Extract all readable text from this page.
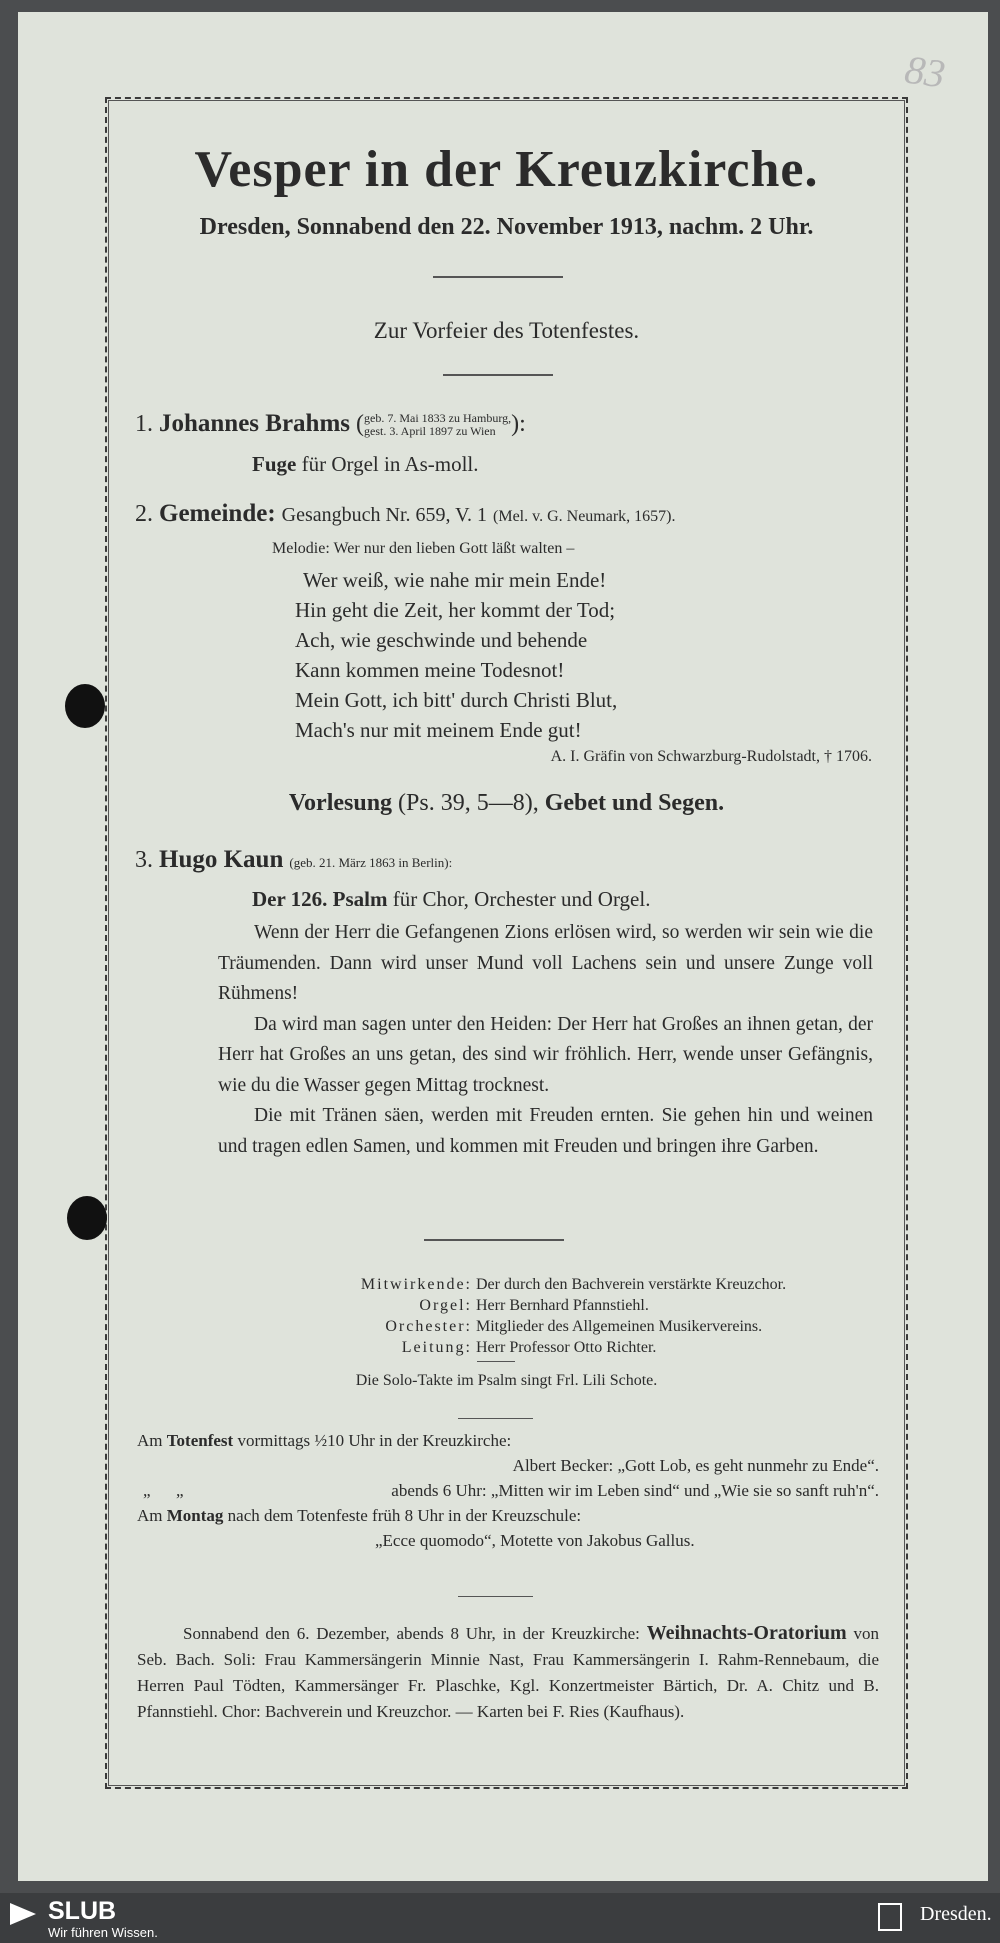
83
Vesper in der Kreuzkirche.
Dresden, Sonnabend den 22. November 1913, nachm. 2 Uhr.
Zur Vorfeier des Totenfestes.
1. Johannes Brahms (geb. 7. Mai 1833 zu Hamburg,
gest. 3. April 1897 zu Wien ):
Fuge für Orgel in As-moll.
2. Gemeinde: Gesangbuch Nr. 659, V. 1 (Mel. v. G. Neumark, 1657).
Melodie: Wer nur den lieben Gott läßt walten –
Wer weiß, wie nahe mir mein Ende!
Hin geht die Zeit, her kommt der Tod;
Ach, wie geschwinde und behende
Kann kommen meine Todesnot!
Mein Gott, ich bitt' durch Christi Blut,
Mach's nur mit meinem Ende gut!
A. I. Gräfin von Schwarzburg-Rudolstadt, † 1706.
Vorlesung (Ps. 39, 5—8), Gebet und Segen.
3. Hugo Kaun (geb. 21. März 1863 in Berlin):
Der 126. Psalm für Chor, Orchester und Orgel.

Wenn der Herr die Gefangenen Zions erlösen wird, so werden wir sein wie die Träumenden. Dann wird unser Mund voll Lachens sein und unsere Zunge voll Rühmens!

Da wird man sagen unter den Heiden: Der Herr hat Großes an ihnen getan, der Herr hat Großes an uns getan, des sind wir fröhlich. Herr, wende unser Gefängnis, wie du die Wasser gegen Mittag trocknest.

Die mit Tränen säen, werden mit Freuden ernten. Sie gehen hin und weinen und tragen edlen Samen, und kommen mit Freuden und bringen ihre Garben.

Mitwirkende:
Der durch den Bachverein verstärkte Kreuzchor.
Orgel:
Herr Bernhard Pfannstiehl.
Orchester:
Mitglieder des Allgemeinen Musikervereins.
Leitung:
Herr Professor Otto Richter.
Die Solo-Takte im Psalm singt Frl. Lili Schote.
Am Totenfest vormittags ½10 Uhr in der Kreuzkirche:
Albert Becker: „Gott Lob, es geht nunmehr zu Ende“.
„      „	abends 6 Uhr: „Mitten wir im Leben sind“ und „Wie sie so sanft ruh'n“.
Am Montag nach dem Totenfeste früh 8 Uhr in der Kreuzschule:
„Ecce quomodo“, Motette von Jakobus Gallus.
Sonnabend den 6. Dezember, abends 8 Uhr, in der Kreuzkirche: Weihnachts-Oratorium von Seb. Bach. Soli: Frau Kammersängerin Minnie Nast, Frau Kammersängerin I. Rahm-Rennebaum, die Herren Paul Tödten, Kammersänger Fr. Plaschke, Kgl. Konzertmeister Bärtich, Dr. A. Chitz und B. Pfannstiehl. Chor: Bachverein und Kreuzchor. — Karten bei F. Ries (Kaufhaus).
SLUB
Wir führen Wissen.
Dresden.
